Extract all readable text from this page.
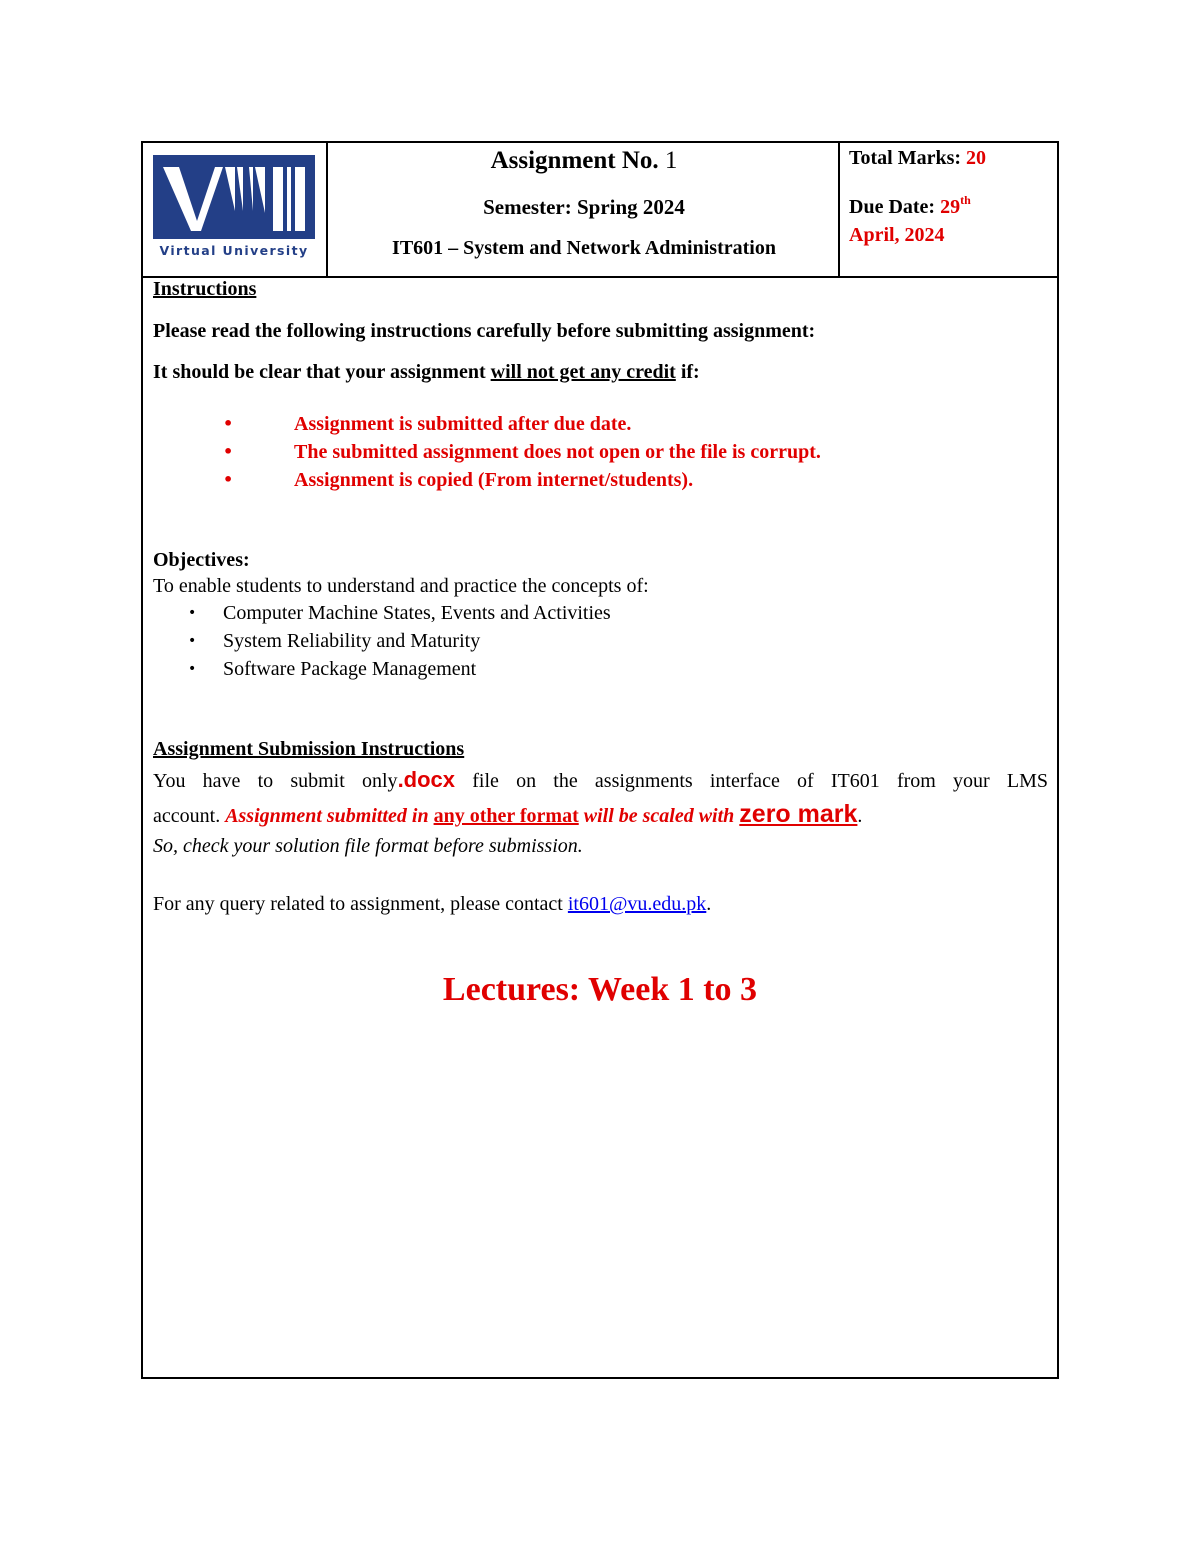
Virtual University
Assignment No. 1
Semester: Spring 2024
IT601 – System and Network Administration
Total Marks: 20
Due Date: 29th
April, 2024
Instructions
Please read the following instructions carefully before submitting assignment:
It should be clear that your assignment will not get any credit if:
•	Assignment is submitted after due date.
•	The submitted assignment does not open or the file is corrupt.
•	Assignment is copied (From internet/students).
Objectives:
To enable students to understand and practice the concepts of:
• Computer Machine States, Events and Activities
• System Reliability and Maturity
• Software Package Management
Assignment Submission Instructions
You have to submit only.docx file on the assignments interface of IT601 from your LMS
account. Assignment submitted in any other format will be scaled with zero mark.
So, check your solution file format before submission.
For any query related to assignment, please contact it601@vu.edu.pk.
Lectures: Week 1 to 3
